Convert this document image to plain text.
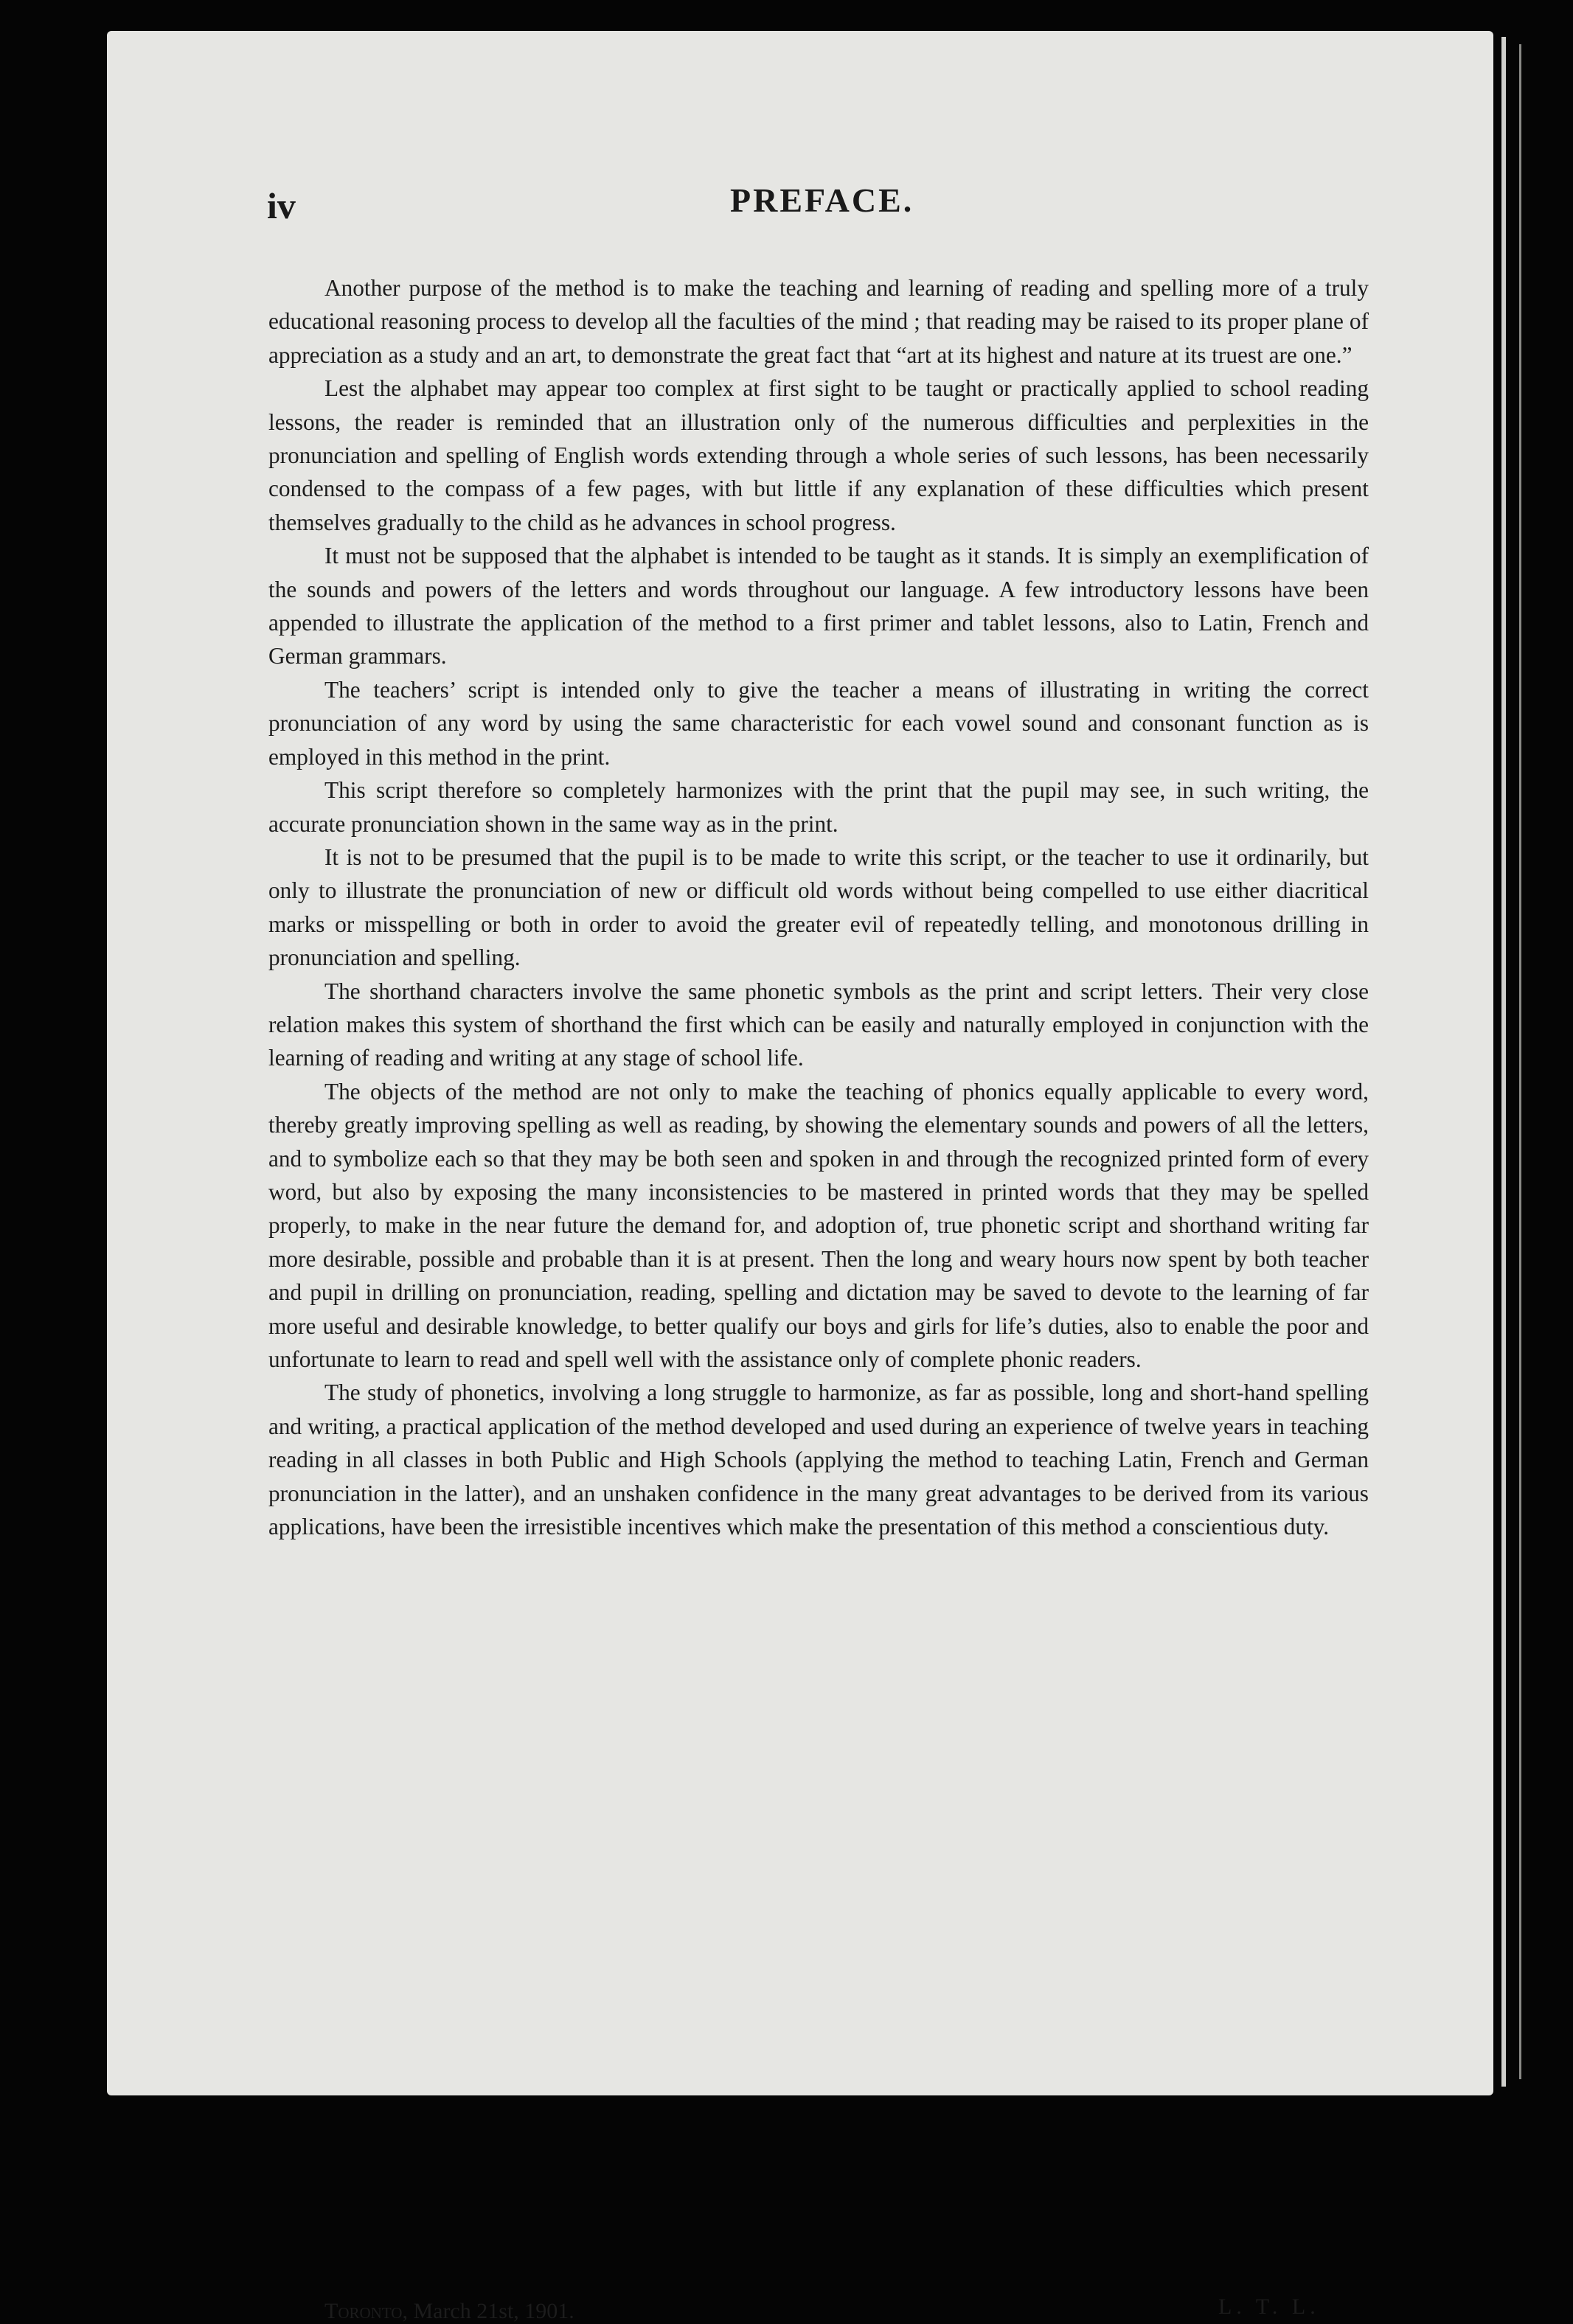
iv	PREFACE.

Another purpose of the method is to make the teaching and learning of reading and spelling more of a truly educational reasoning process to develop all the faculties of the mind ; that reading may be raised to its proper plane of appreciation as a study and an art, to demonstrate the great fact that “art at its highest and nature at its truest are one.”

Lest the alphabet may appear too complex at first sight to be taught or practically applied to school reading lessons, the reader is reminded that an illustration only of the numerous difficulties and perplexities in the pronunciation and spelling of English words extending through a whole series of such lessons, has been necessarily condensed to the compass of a few pages, with but little if any explanation of these difficulties which present themselves gradually to the child as he advances in school progress.

It must not be supposed that the alphabet is intended to be taught as it stands. It is simply an exemplification of the sounds and powers of the letters and words throughout our language. A few introductory lessons have been appended to illustrate the application of the method to a first primer and tablet lessons, also to Latin, French and German grammars.

The teachers’ script is intended only to give the teacher a means of illustrating in writing the correct pronunciation of any word by using the same characteristic for each vowel sound and consonant function as is employed in this method in the print.

This script therefore so completely harmonizes with the print that the pupil may see, in such writing, the accurate pronunciation shown in the same way as in the print.

It is not to be presumed that the pupil is to be made to write this script, or the teacher to use it ordinarily, but only to illustrate the pronunciation of new or difficult old words without being compelled to use either diacritical marks or misspelling or both in order to avoid the greater evil of repeatedly telling, and monotonous drilling in pronunciation and spelling.

The shorthand characters involve the same phonetic symbols as the print and script letters. Their very close relation makes this system of shorthand the first which can be easily and naturally employed in conjunction with the learning of reading and writing at any stage of school life.

The objects of the method are not only to make the teaching of phonics equally applicable to every word, thereby greatly improving spelling as well as reading, by showing the elementary sounds and powers of all the letters, and to symbolize each so that they may be both seen and spoken in and through the recognized printed form of every word, but also by exposing the many inconsistencies to be mastered in printed words that they may be spelled properly, to make in the near future the demand for, and adoption of, true phonetic script and shorthand writing far more desirable, possible and probable than it is at present. Then the long and weary hours now spent by both teacher and pupil in drilling on pronunciation, reading, spelling and dictation may be saved to devote to the learning of far more useful and desirable knowledge, to better qualify our boys and girls for life’s duties, also to enable the poor and unfortunate to learn to read and spell well with the assistance only of complete phonic readers.

The study of phonetics, involving a long struggle to harmonize, as far as possible, long and short-hand spelling and writing, a practical application of the method developed and used during an experience of twelve years in teaching reading in all classes in both Public and High Schools (applying the method to teaching Latin, French and German pronunciation in the latter), and an unshaken confidence in the many great advantages to be derived from its various applications, have been the irresistible incentives which make the presentation of this method a conscientious duty.

Toronto, March 21st, 1901.	L. T. L.
